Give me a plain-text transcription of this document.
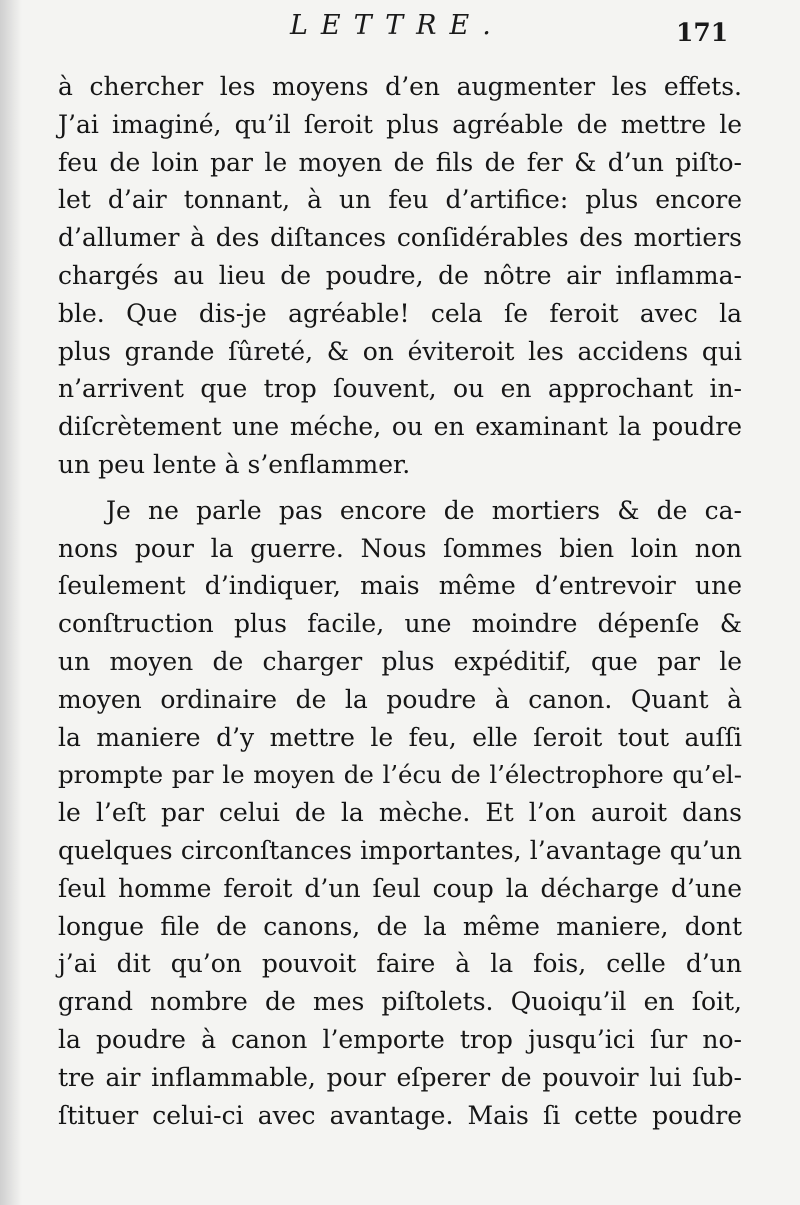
LETTRE.	171
à chercher les moyens d’en augmenter les effets.
J’ai imaginé, qu’il ſeroit plus agréable de mettre le
feu de loin par le moyen de fils de fer & d’un piſto-
let d’air tonnant, à un feu d’artifice: plus encore
d’allumer à des diſtances conſidérables des mortiers
chargés au lieu de poudre, de nôtre air inflamma-
ble. Que dis-je agréable! cela ſe feroit avec la
plus grande ſûreté, & on éviteroit les accidens qui
n’arrivent que trop ſouvent, ou en approchant in-
diſcrètement une méche, ou en examinant la poudre
un peu lente à s’enflammer.
Je ne parle pas encore de mortiers & de ca-
nons pour la guerre. Nous ſommes bien loin non
ſeulement d’indiquer, mais même d’entrevoir une
conſtruction plus facile, une moindre dépenſe &
un moyen de charger plus expéditif, que par le
moyen ordinaire de la poudre à canon. Quant à
la maniere d’y mettre le feu, elle ſeroit tout auſſi
prompte par le moyen de l’écu de l’électrophore qu’el-
le l’eſt par celui de la mèche. Et l’on auroit dans
quelques circonſtances importantes, l’avantage qu’un
ſeul homme feroit d’un ſeul coup la décharge d’une
longue file de canons, de la même maniere, dont
j’ai dit qu’on pouvoit faire à la fois, celle d’un
grand nombre de mes piſtolets. Quoiqu’il en ſoit,
la poudre à canon l’emporte trop jusqu’ici ſur no-
tre air inflammable, pour eſperer de pouvoir lui ſub-
ſtituer celui-ci avec avantage. Mais ſi cette poudre
